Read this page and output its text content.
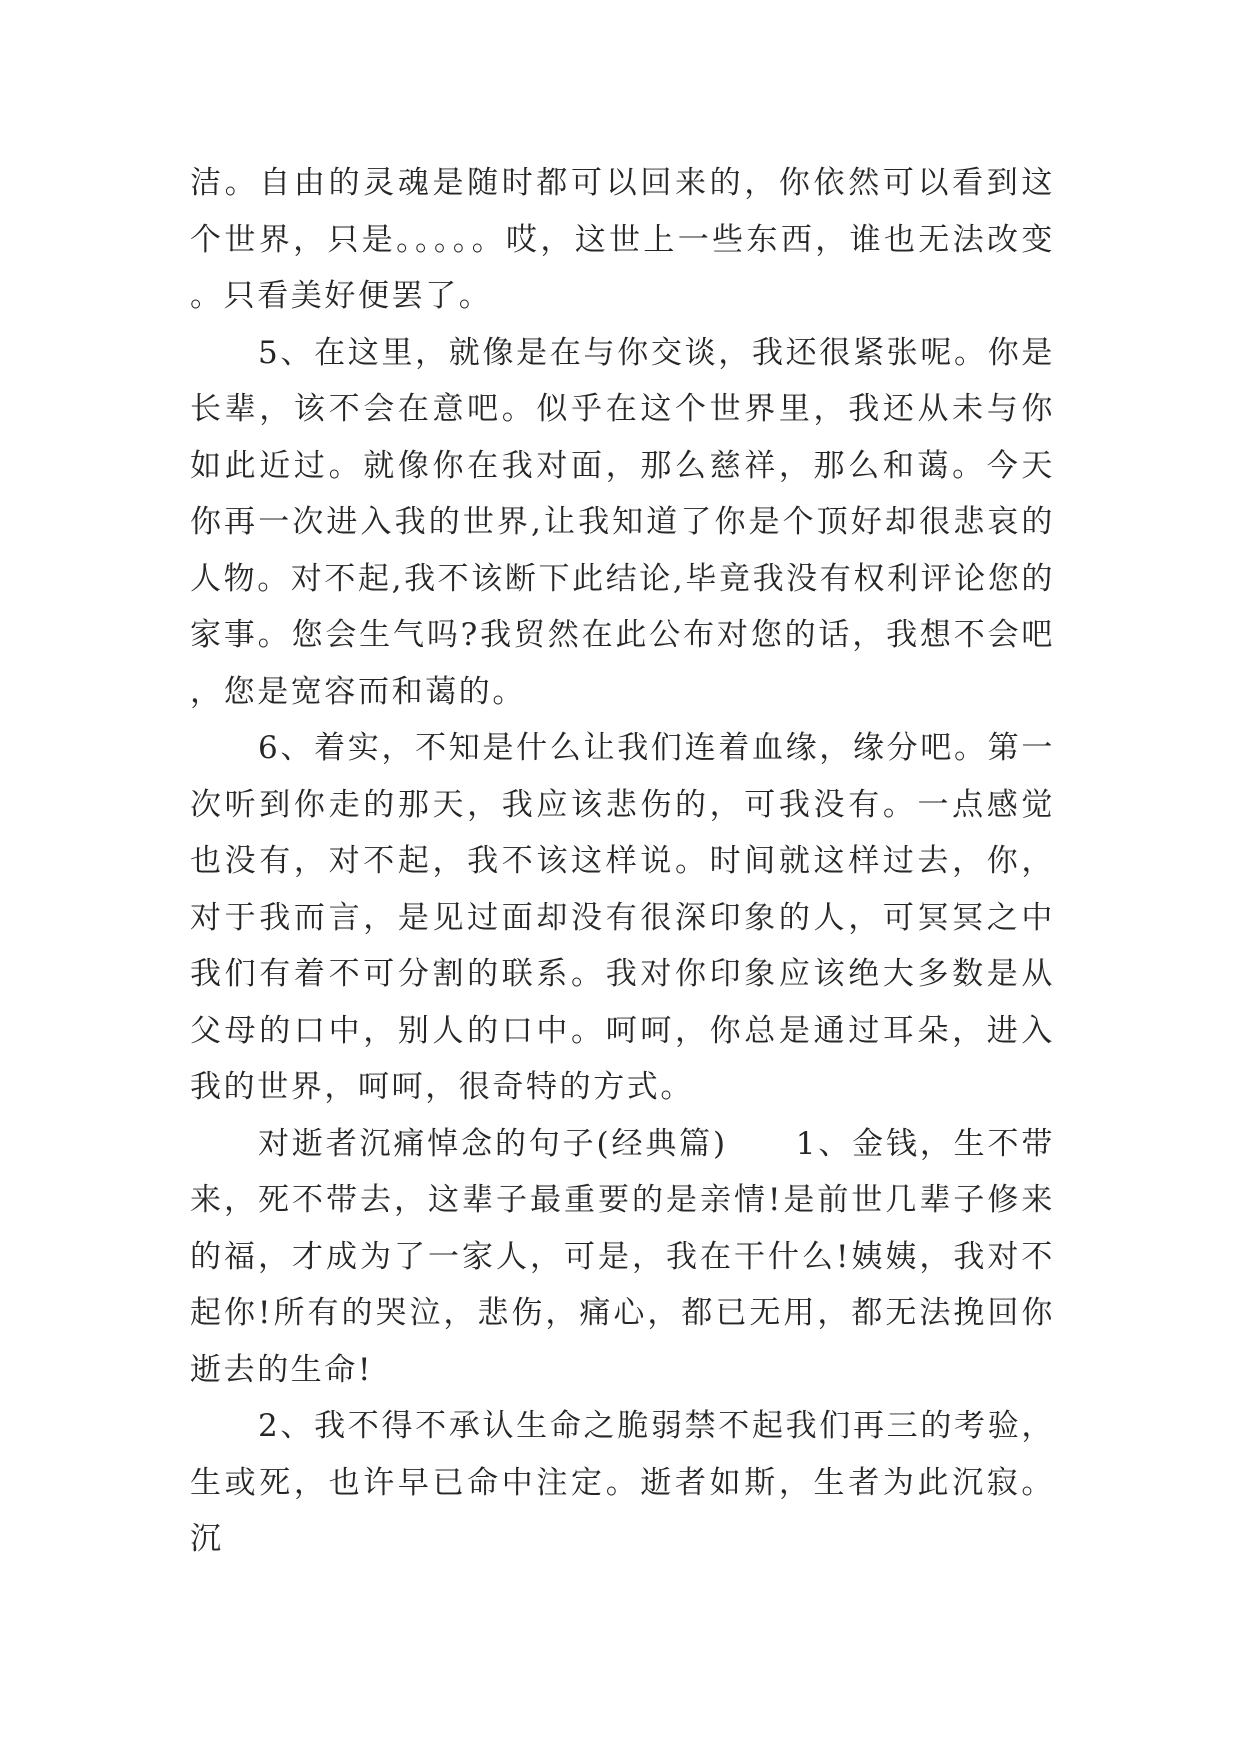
洁。自由的灵魂是随时都可以回来的，你依然可以看到这个世界，只是。。。。。哎，这世上一些东西，谁也无法改变。只看美好便罢了。

5、在这里，就像是在与你交谈，我还很紧张呢。你是长辈，该不会在意吧。似乎在这个世界里，我还从未与你如此近过。就像你在我对面，那么慈祥，那么和蔼。今天你再一次进入我的世界,让我知道了你是个顶好却很悲哀的人物。对不起,我不该断下此结论,毕竟我没有权利评论您的家事。您会生气吗?我贸然在此公布对您的话，我想不会吧，您是宽容而和蔼的。

6、着实，不知是什么让我们连着血缘，缘分吧。第一次听到你走的那天，我应该悲伤的，可我没有。一点感觉也没有，对不起，我不该这样说。时间就这样过去，你，对于我而言，是见过面却没有很深印象的人，可冥冥之中我们有着不可分割的联系。我对你印象应该绝大多数是从父母的口中，别人的口中。呵呵，你总是通过耳朵，进入我的世界，呵呵，很奇特的方式。

对逝者沉痛悼念的句子(经典篇)　　1、金钱，生不带来，死不带去，这辈子最重要的是亲情!是前世几辈子修来的福，才成为了一家人，可是，我在干什么!姨姨，我对不起你!所有的哭泣，悲伤，痛心，都已无用，都无法挽回你逝去的生命!

2、我不得不承认生命之脆弱禁不起我们再三的考验，生或死，也许早已命中注定。逝者如斯，生者为此沉寂。沉
